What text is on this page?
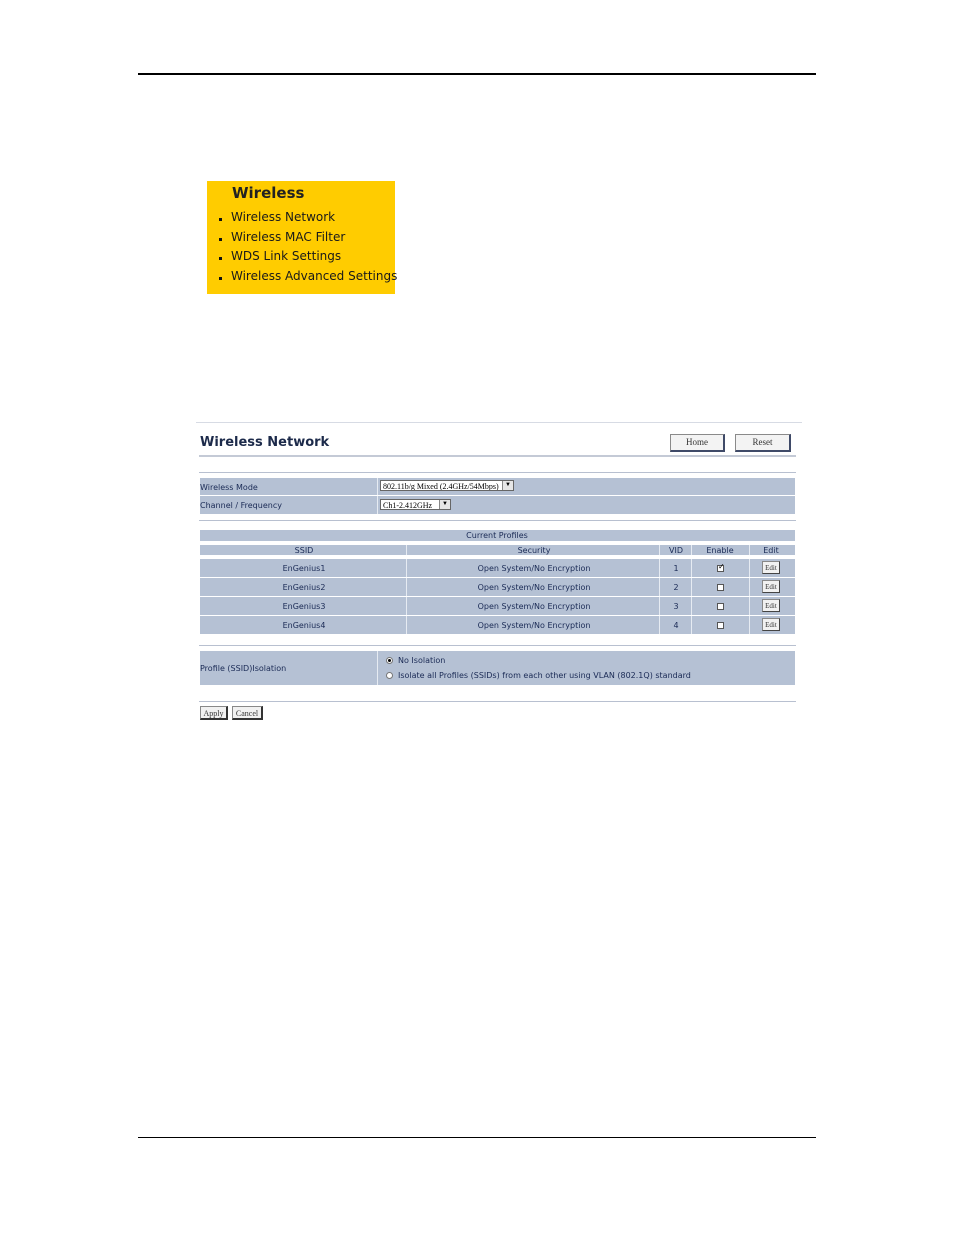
Wireless
Wireless Network
Wireless MAC Filter
WDS Link Settings
Wireless Advanced Settings
Wireless Network	Home	Reset
Wireless Mode	802.11b/g Mixed (2.4GHz/54Mbps)	▼
Channel / Frequency	Ch1-2.412GHz	▼
Current Profiles
SSID	Security	VID	Enable	Edit
EnGenius1	Open System/No Encryption	1
✓	Edit
EnGenius2	Open System/No Encryption	2	Edit
EnGenius3	Open System/No Encryption	3	Edit
EnGenius4	Open System/No Encryption	4	Edit
Profile (SSID)Isolation
No Isolation
Isolate all Profiles (SSIDs) from each other using VLAN (802.1Q) standard
Apply	Cancel
